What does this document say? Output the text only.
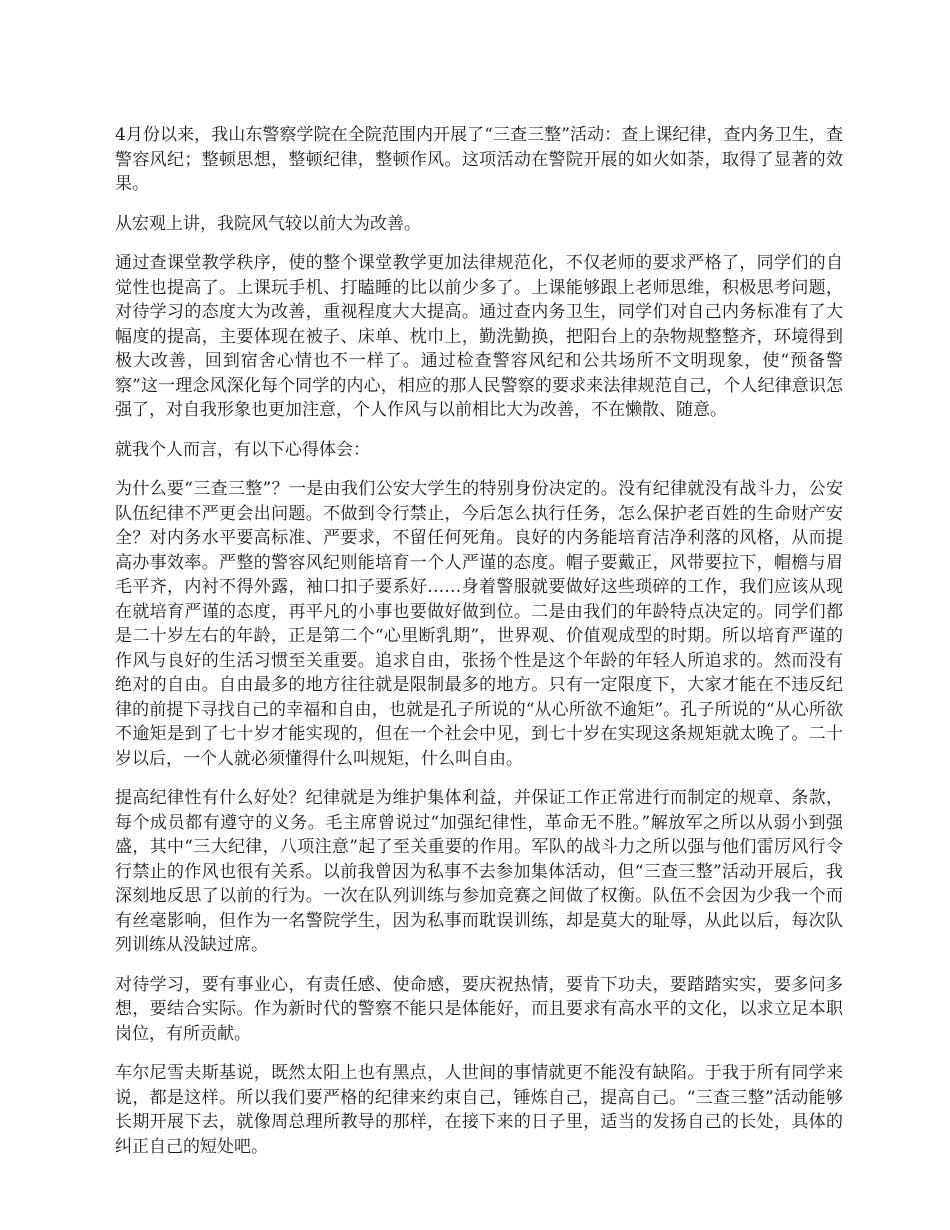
4月份以来，我山东警察学院在全院范围内开展了“三查三整”活动：查上课纪律，查内务卫生，查警容风纪；整顿思想，整顿纪律，整顿作风。这项活动在警院开展的如火如荼，取得了显著的效果。

从宏观上讲，我院风气较以前大为改善。

通过查课堂教学秩序，使的整个课堂教学更加法律规范化，不仅老师的要求严格了，同学们的自觉性也提高了。上课玩手机、打瞌睡的比以前少多了。上课能够跟上老师思维，积极思考问题，对待学习的态度大为改善，重视程度大大提高。通过查内务卫生，同学们对自己内务标准有了大幅度的提高，主要体现在被子、床单、枕巾上，勤洗勤换，把阳台上的杂物规整整齐，环境得到极大改善，回到宿舍心情也不一样了。通过检查警容风纪和公共场所不文明现象，使“预备警察”这一理念风深化每个同学的内心，相应的那人民警察的要求来法律规范自己，个人纪律意识怎强了，对自我形象也更加注意，个人作风与以前相比大为改善，不在懒散、随意。

就我个人而言，有以下心得体会：

为什么要“三查三整”？一是由我们公安大学生的特别身份决定的。没有纪律就没有战斗力，公安队伍纪律不严更会出问题。不做到令行禁止，今后怎么执行任务，怎么保护老百姓的生命财产安全？对内务水平要高标准、严要求，不留任何死角。良好的内务能培育洁净利落的风格，从而提高办事效率。严整的警容风纪则能培育一个人严谨的态度。帽子要戴正，风带要拉下，帽檐与眉毛平齐，内衬不得外露，袖口扣子要系好……身着警服就要做好这些琐碎的工作，我们应该从现在就培育严谨的态度，再平凡的小事也要做好做到位。二是由我们的年龄特点决定的。同学们都是二十岁左右的年龄，正是第二个“心里断乳期”，世界观、价值观成型的时期。所以培育严谨的作风与良好的生活习惯至关重要。追求自由，张扬个性是这个年龄的年轻人所追求的。然而没有绝对的自由。自由最多的地方往往就是限制最多的地方。只有一定限度下，大家才能在不违反纪律的前提下寻找自己的幸福和自由，也就是孔子所说的“从心所欲不逾矩”。孔子所说的“从心所欲不逾矩是到了七十岁才能实现的，但在一个社会中见，到七十岁在实现这条规矩就太晚了。二十岁以后，一个人就必须懂得什么叫规矩，什么叫自由。

提高纪律性有什么好处？纪律就是为维护集体利益，并保证工作正常进行而制定的规章、条款，每个成员都有遵守的义务。毛主席曾说过“加强纪律性，革命无不胜。”解放军之所以从弱小到强盛，其中“三大纪律，八项注意”起了至关重要的作用。军队的战斗力之所以强与他们雷厉风行令行禁止的作风也很有关系。以前我曾因为私事不去参加集体活动，但“三查三整”活动开展后，我深刻地反思了以前的行为。一次在队列训练与参加竞赛之间做了权衡。队伍不会因为少我一个而有丝毫影响，但作为一名警院学生，因为私事而耽误训练，却是莫大的耻辱，从此以后，每次队列训练从没缺过席。

对待学习，要有事业心，有责任感、使命感，要庆祝热情，要肯下功夫，要踏踏实实，要多问多想，要结合实际。作为新时代的警察不能只是体能好，而且要求有高水平的文化，以求立足本职岗位，有所贡献。

车尔尼雪夫斯基说，既然太阳上也有黑点，人世间的事情就更不能没有缺陷。于我于所有同学来说，都是这样。所以我们要严格的纪律来约束自己，锤炼自己，提高自己。“三查三整”活动能够长期开展下去，就像周总理所教导的那样，在接下来的日子里，适当的发扬自己的长处，具体的纠正自己的短处吧。
